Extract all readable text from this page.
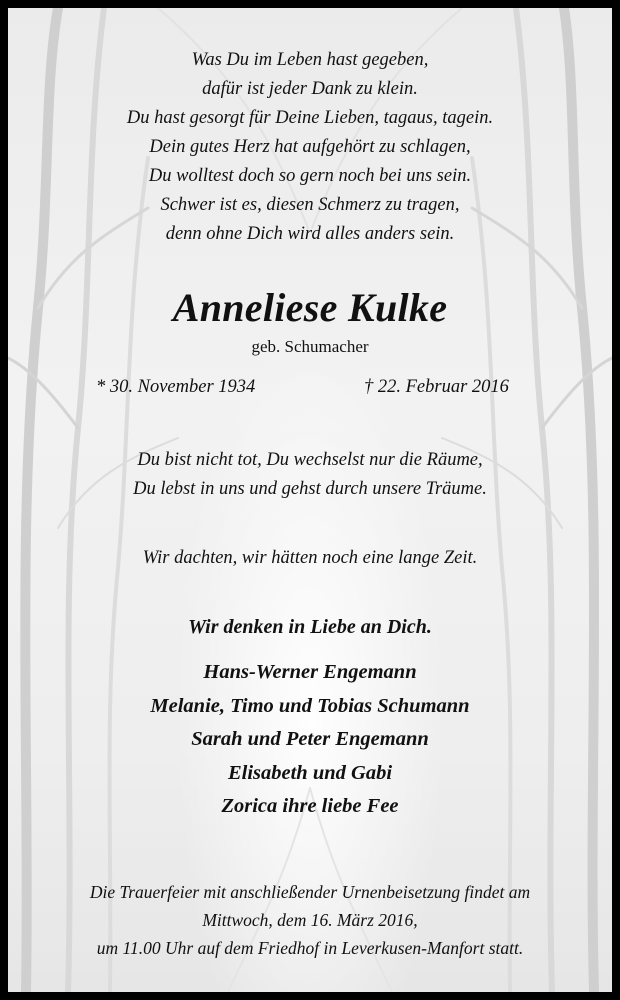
Was Du im Leben hast gegeben,
dafür ist jeder Dank zu klein.
Du hast gesorgt für Deine Lieben, tagaus, tagein.
Dein gutes Herz hat aufgehört zu schlagen,
Du wolltest doch so gern noch bei uns sein.
Schwer ist es, diesen Schmerz zu tragen,
denn ohne Dich wird alles anders sein.
Anneliese Kulke
geb. Schumacher
* 30. November 1934	† 22. Februar 2016
Du bist nicht tot, Du wechselst nur die Räume,
Du lebst in uns und gehst durch unsere Träume.
Wir dachten, wir hätten noch eine lange Zeit.
Wir denken in Liebe an Dich.
Hans-Werner Engemann
Melanie, Timo und Tobias Schumann
Sarah und Peter Engemann
Elisabeth und Gabi
Zorica ihre liebe Fee
Die Trauerfeier mit anschließender Urnenbeisetzung findet am
Mittwoch, dem 16. März 2016,
um 11.00 Uhr auf dem Friedhof in Leverkusen-Manfort statt.
